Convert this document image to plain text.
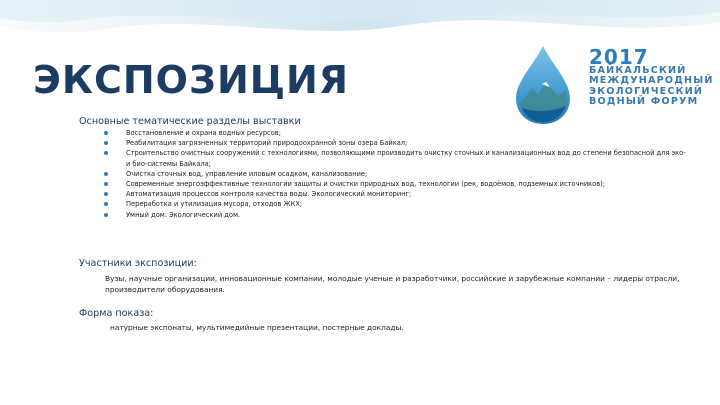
ЭКСПОЗИЦИЯ
2017
БАЙКАЛЬСКИЙ
МЕЖДУНАРОДНЫЙ
ЭКОЛОГИЧЕСКИЙ
ВОДНЫЙ ФОРУМ

Основные тематические разделы выставки

Восстановление и охрана водных ресурсов;
Реабилитация загрязненных территорий природоохранной зоны озера Байкал;
Строительство очистных сооружений с технологиями, позволяющими производить очистку сточных и канализационных вод до степени безопасной для эко- и био-системы Байкала;
Очистка сточных вод, управление иловым осадком, канализование;
Современные энергоэффективные технологии защиты и очистки природных вод, технологии (рек, водоёмов, подземных источников);
Автоматизация процессов контроля качества воды. Экологический мониторинг;
Переработка и утилизация мусора, отходов ЖКХ;
Умный дом. Экологический дом.

Участники экспозиции:

Вузы, научные организации, инновационные компании, молодые ученые и разработчики, российские и зарубежные компании – лидеры отрасли, производители оборудования.

Форма показа:

натурные экспонаты, мультимедийные презентации, постерные доклады.
